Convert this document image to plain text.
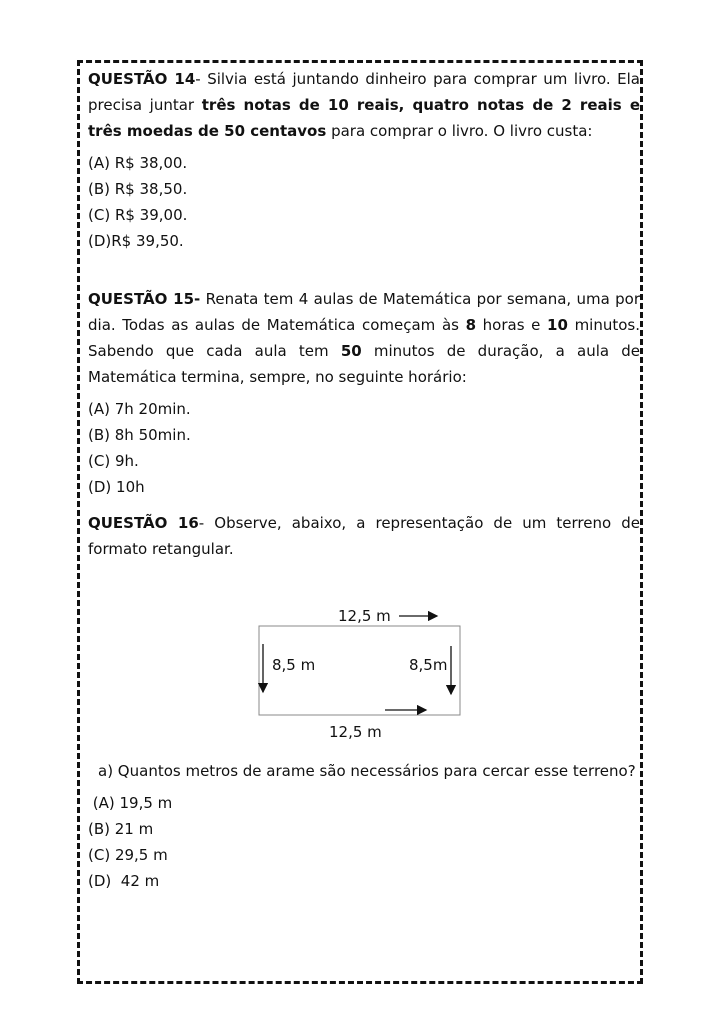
QUESTÃO 14- Silvia está juntando dinheiro para comprar um livro. Ela precisa juntar três notas de 10 reais, quatro notas de 2 reais e três moedas de 50 centavos para comprar o livro. O livro custa:

(A) R$ 38,00.

(B) R$ 38,50.

(C) R$ 39,00.

(D)R$ 39,50.

QUESTÃO 15- Renata tem 4 aulas de Matemática por semana, uma por dia. Todas as aulas de Matemática começam às 8 horas e 10 minutos. Sabendo que cada aula tem 50 minutos de duração, a aula de Matemática termina, sempre, no seguinte horário:

(A) 7h 20min.

(B) 8h 50min.

(C) 9h.

(D) 10h

QUESTÃO 16- Observe, abaixo, a representação de um terreno de formato retangular.

12,5 m
8,5 m	8,5m
12,5 m

a) Quantos metros de arame são necessários para cercar esse terreno?

(A) 19,5 m

(B) 21 m

(C) 29,5 m

(D)  42 m
